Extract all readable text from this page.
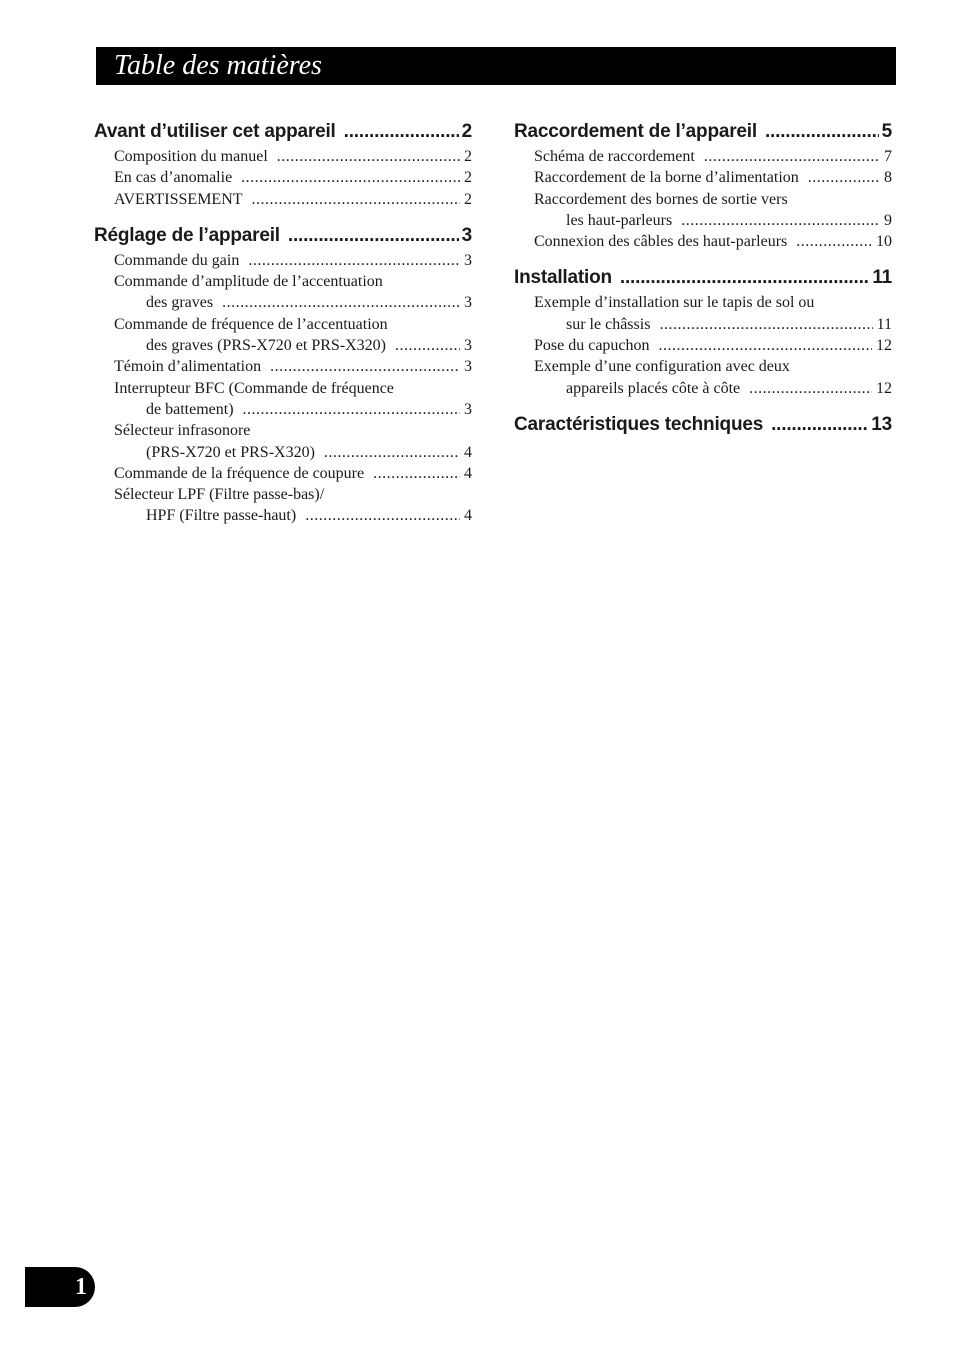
Table des matières
Avant d’utiliser cet appareil .....	2
Composition du manuel .....	2
En cas d’anomalie .....	2
AVERTISSEMENT .....	2
Réglage de l’appareil .....	3
Commande du gain .....	3
Commande d’amplitude de l’accentuation
des graves .....	3
Commande de fréquence de l’accentuation
des graves (PRS-X720 et PRS-X320) .....	3
Témoin d’alimentation .....	3
Interrupteur BFC (Commande de fréquence
de battement) .....	3
Sélecteur infrasonore
(PRS-X720 et PRS-X320) .....	4
Commande de la fréquence de coupure .....	4
Sélecteur LPF (Filtre passe-bas)/
HPF (Filtre passe-haut) .....	4
Raccordement de l’appareil .....	5
Schéma de raccordement .....	7
Raccordement de la borne d’alimentation .....	8
Raccordement des bornes de sortie vers
les haut-parleurs .....	9
Connexion des câbles des haut-parleurs .....	10
Installation .....	11
Exemple d’installation sur le tapis de sol ou
sur le châssis .....	11
Pose du capuchon .....	12
Exemple d’une configuration avec deux
appareils placés côte à côte .....	12
Caractéristiques techniques .....	13
1
